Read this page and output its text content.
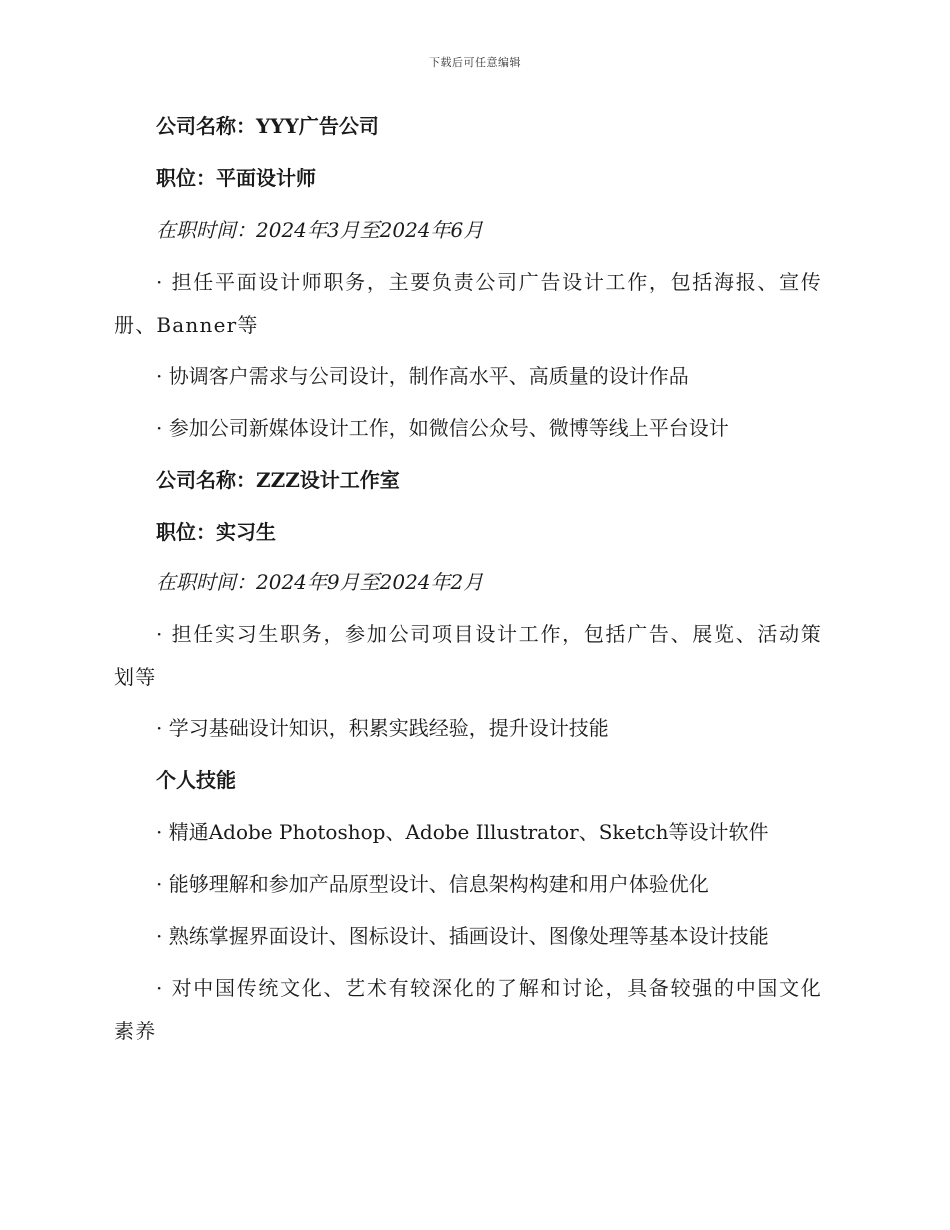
下载后可任意编辑
公司名称：YYY广告公司
职位：平面设计师
在职时间：2024年3月至2024年6月
· 担任平面设计师职务，主要负责公司广告设计工作，包括海报、宣传册、Banner等
· 协调客户需求与公司设计，制作高水平、高质量的设计作品
· 参加公司新媒体设计工作，如微信公众号、微博等线上平台设计
公司名称：ZZZ设计工作室
职位：实习生
在职时间：2024年9月至2024年2月
· 担任实习生职务，参加公司项目设计工作，包括广告、展览、活动策划等
· 学习基础设计知识，积累实践经验，提升设计技能
个人技能
· 精通Adobe Photoshop、Adobe Illustrator、Sketch等设计软件
· 能够理解和参加产品原型设计、信息架构构建和用户体验优化
· 熟练掌握界面设计、图标设计、插画设计、图像处理等基本设计技能
· 对中国传统文化、艺术有较深化的了解和讨论，具备较强的中国文化素养
